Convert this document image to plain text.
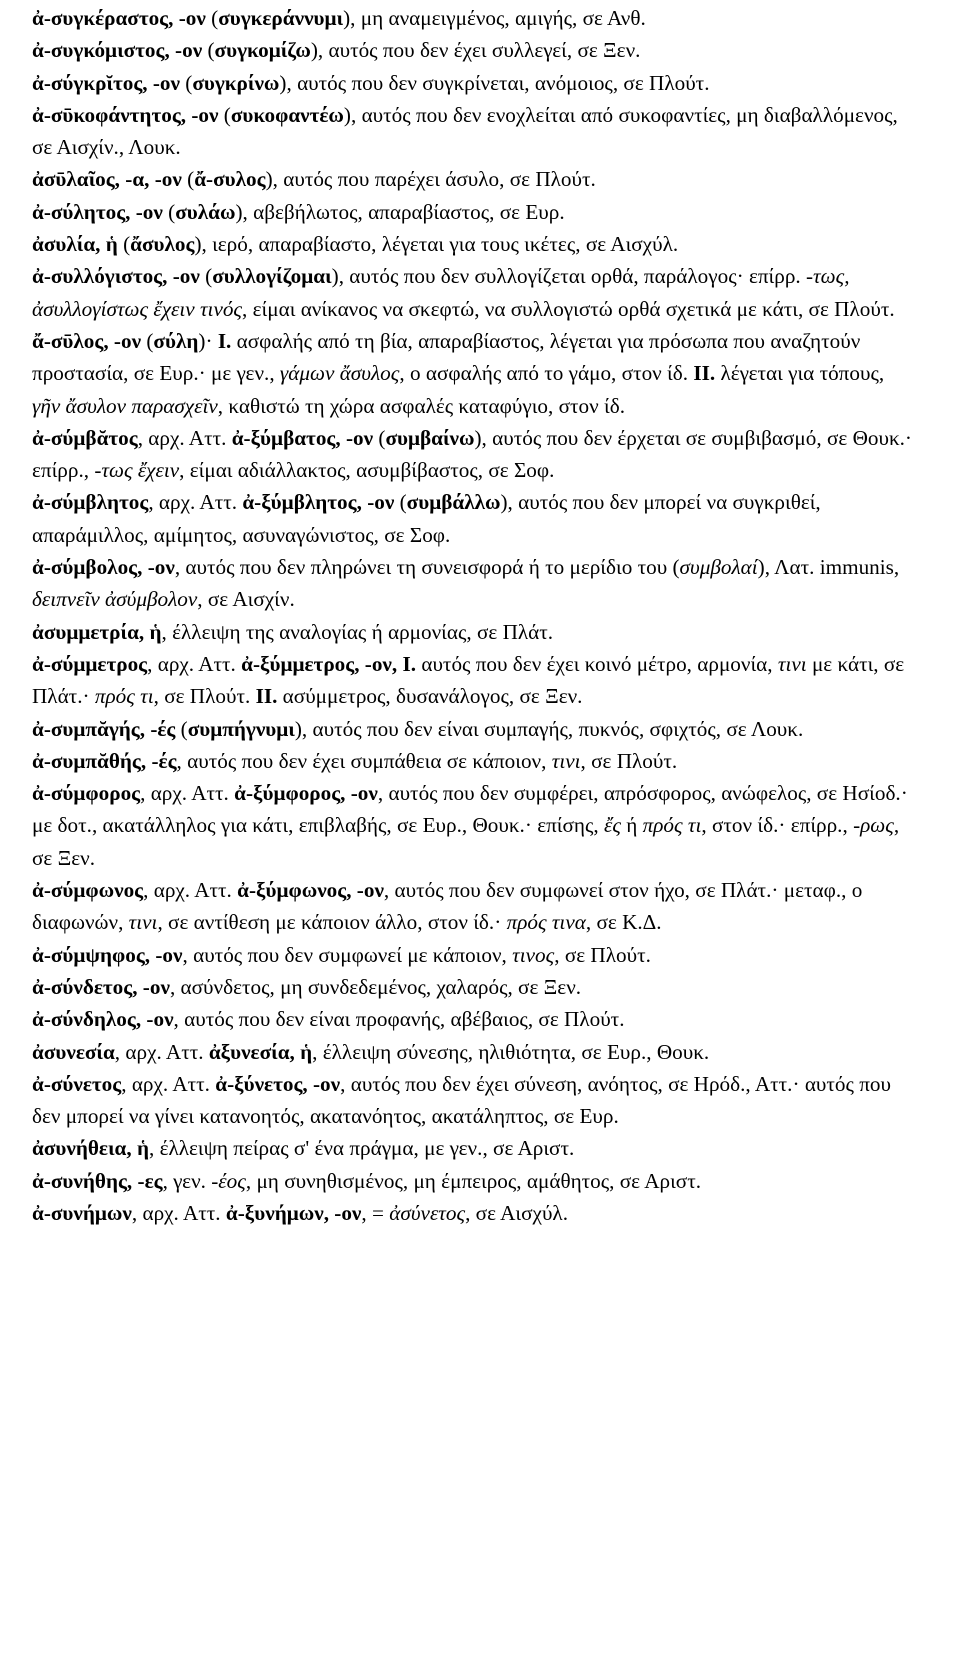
ἀ-συγκέραστος, -ον (συγκεράννυμι), μη αναμειγμένος, αμιγής, σε Ανθ.

ἀ-συγκόμιστος, -ον (συγκομίζω), αυτός που δεν έχει συλλεγεί, σε Ξεν.

ἀ-σύγκρῐτος, -ον (συγκρίνω), αυτός που δεν συγκρίνεται, ανόμοιος, σε Πλούτ.

ἀ-σῡκοφάντητος, -ον (συκοφαντέω), αυτός που δεν ενοχλείται από συκοφαντίες, μη διαβαλλόμενος, σε Αισχίν., Λουκ.

ἀσῡλαῖος, -α, -ον (ἄ-συλος), αυτός που παρέχει άσυλο, σε Πλούτ.

ἀ-σύλητος, -ον (συλάω), αβεβήλωτος, απαραβίαστος, σε Ευρ.

ἀσυλία, ἡ (ἄσυλος), ιερό, απαραβίαστο, λέγεται για τους ικέτες, σε Αισχύλ.

ἀ-συλλόγιστος, -ον (συλλογίζομαι), αυτός που δεν συλλογίζεται ορθά, παράλογος· επίρρ. -τως, ἀσυλλογίστως ἔχειν τινός, είμαι ανίκανος να σκεφτώ, να συλλογιστώ ορθά σχετικά με κάτι, σε Πλούτ.

ἄ-σῡλος, -ον (σύλη)· I. ασφαλής από τη βία, απαραβίαστος, λέγεται για πρόσωπα που αναζητούν προστασία, σε Ευρ.· με γεν., γάμων ἄσυλος, ο ασφαλής από το γάμο, στον ίδ. II. λέγεται για τόπους, γῆν ἄσυλον παρασχεῖν, καθιστώ τη χώρα ασφαλές καταφύγιο, στον ίδ.

ἀ-σύμβᾰτος, αρχ. Αττ. ἀ-ξύμβατος, -ον (συμβαίνω), αυτός που δεν έρχεται σε συμβιβασμό, σε Θουκ.· επίρρ., -τως ἔχειν, είμαι αδιάλλακτος, ασυμβίβαστος, σε Σοφ.

ἀ-σύμβλητος, αρχ. Αττ. ἀ-ξύμβλητος, -ον (συμβάλλω), αυτός που δεν μπορεί να συγκριθεί, απαράμιλλος, αμίμητος, ασυναγώνιστος, σε Σοφ.

ἀ-σύμβολος, -ον, αυτός που δεν πληρώνει τη συνεισφορά ή το μερίδιο του (συμβολαί), Λατ. immunis, δειπνεῖν ἀσύμβολον, σε Αισχίν.

ἀσυμμετρία, ἡ, έλλειψη της αναλογίας ή αρμονίας, σε Πλάτ.

ἀ-σύμμετρος, αρχ. Αττ. ἀ-ξύμμετρος, -ον, I. αυτός που δεν έχει κοινό μέτρο, αρμονία, τινι με κάτι, σε Πλάτ.· πρός τι, σε Πλούτ. II. ασύμμετρος, δυσανάλογος, σε Ξεν.

ἀ-συμπᾰγής, -ές (συμπήγνυμι), αυτός που δεν είναι συμπαγής, πυκνός, σφιχτός, σε Λουκ.

ἀ-συμπᾰθής, -ές, αυτός που δεν έχει συμπάθεια σε κάποιον, τινι, σε Πλούτ.

ἀ-σύμφορος, αρχ. Αττ. ἀ-ξύμφορος, -ον, αυτός που δεν συμφέρει, απρόσφορος, ανώφελος, σε Ησίοδ.· με δοτ., ακατάλληλος για κάτι, επιβλαβής, σε Ευρ., Θουκ.· επίσης, ἔς ή πρός τι, στον ίδ.· επίρρ., -ρως, σε Ξεν.

ἀ-σύμφωνος, αρχ. Αττ. ἀ-ξύμφωνος, -ον, αυτός που δεν συμφωνεί στον ήχο, σε Πλάτ.· μεταφ., ο διαφωνών, τινι, σε αντίθεση με κάποιον άλλο, στον ίδ.· πρός τινα, σε Κ.Δ.

ἀ-σύμψηφος, -ον, αυτός που δεν συμφωνεί με κάποιον, τινος, σε Πλούτ.

ἀ-σύνδετος, -ον, ασύνδετος, μη συνδεδεμένος, χαλαρός, σε Ξεν.

ἀ-σύνδηλος, -ον, αυτός που δεν είναι προφανής, αβέβαιος, σε Πλούτ.

ἀσυνεσία, αρχ. Αττ. ἀξυνεσία, ἡ, έλλειψη σύνεσης, ηλιθιότητα, σε Ευρ., Θουκ.

ἀ-σύνετος, αρχ. Αττ. ἀ-ξύνετος, -ον, αυτός που δεν έχει σύνεση, ανόητος, σε Ηρόδ., Αττ.· αυτός που δεν μπορεί να γίνει κατανοητός, ακατανόητος, ακατάληπτος, σε Ευρ.

ἀσυνήθεια, ἡ, έλλειψη πείρας σ' ένα πράγμα, με γεν., σε Αριστ.

ἀ-συνήθης, -ες, γεν. -έος, μη συνηθισμένος, μη έμπειρος, αμάθητος, σε Αριστ.

ἀ-συνήμων, αρχ. Αττ. ἀ-ξυνήμων, -ον, = ἀσύνετος, σε Αισχύλ.
